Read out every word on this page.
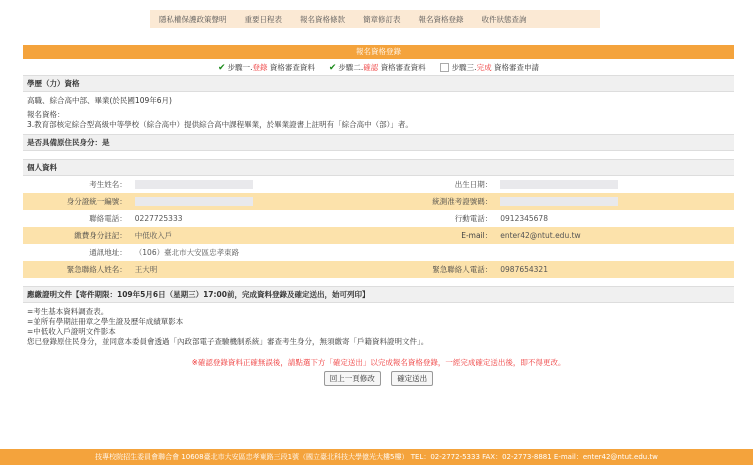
隱私權保護政策聲明	重要日程表	報名資格條款	簡章修訂表	報名資格登錄	收件狀態查詢
報名資格登錄
✔ 步驟一.登錄 資格審查資料 ✔ 步驟二.確認 資格審查資料	步驟三.完成 資格審查申請
學歷（力）資格
高職、綜合高中部、畢業(於民國109年6月)
報名資格：
3.教育部核定綜合型高級中等學校（綜合高中）提供綜合高中課程畢業，於畢業證書上註明有「綜合高中（部）」者。
是否具備原住民身分：是
個人資料
考生姓名：		出生日期：	
身分證統一編號：		統測准考證號碼：	
聯絡電話：	0227725333	行動電話：	0912345678
繳費身分註記：	中低收入戶	E-mail：	enter42@ntut.edu.tw
通訊地址：	（106）臺北市大安區忠孝東路		
緊急聯絡人姓名：	王大明	緊急聯絡人電話：	0987654321
應繳證明文件【寄件期限：109年5月6日（星期三）17:00前，完成資料登錄及確定送出，始可列印】
=考生基本資料調查表。
=並所有學期註冊章之學生證及歷年成績單影本
=中低收入戶證明文件影本
您已登錄原住民身分，並同意本委員會透過「內政部電子查驗機制系統」審查考生身分，無須繳寄「戶籍資料證明文件」。
※確認登錄資料正確無誤後，請點選下方「確定送出」以完成報名資格登錄，一經完成確定送出後，即不得更改。
回上一頁修改	確定送出
技專校院招生委員會聯合會 10608臺北市大安區忠孝東路三段1號（國立臺北科技大學億光大樓5樓） TEL：02-2772-5333 FAX：02-2773-8881 E-mail：enter42@ntut.edu.tw
